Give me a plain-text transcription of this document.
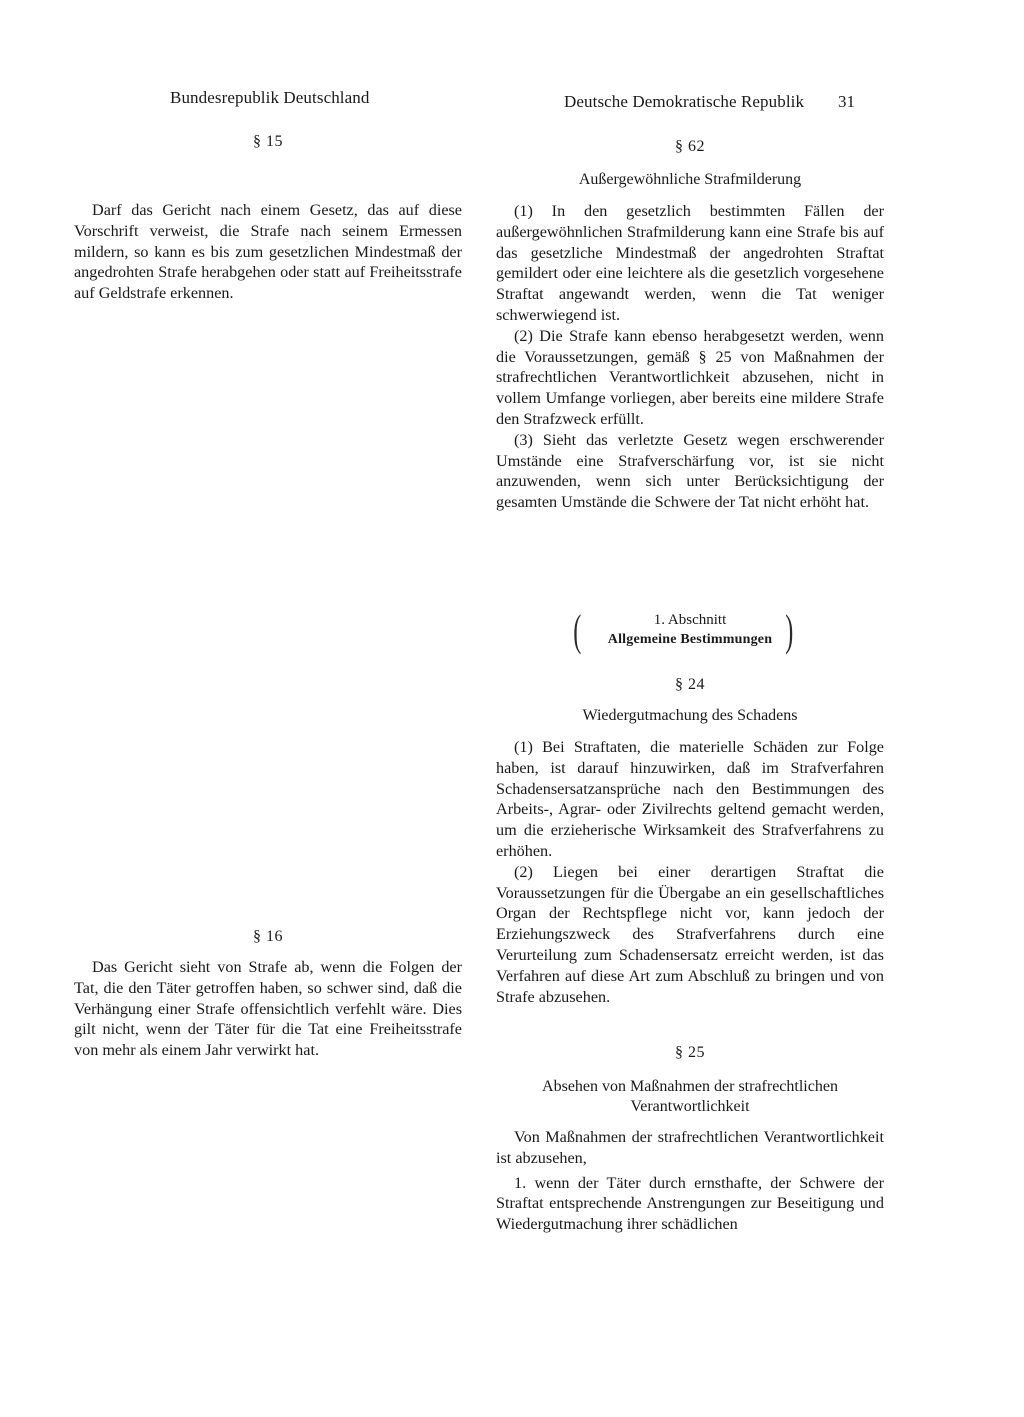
Bundesrepublik Deutschland	Deutsche Demokratische Republik 31
§ 15

Darf das Gericht nach einem Gesetz, das auf diese Vorschrift verweist, die Strafe nach seinem Ermessen mildern, so kann es bis zum gesetzlichen Mindestmaß der angedrohten Strafe herabgehen oder statt auf Freiheitsstrafe auf Geldstrafe erkennen.

§ 16

Das Gericht sieht von Strafe ab, wenn die Folgen der Tat, die den Täter getroffen haben, so schwer sind, daß die Verhängung einer Strafe offensichtlich verfehlt wäre. Dies gilt nicht, wenn der Täter für die Tat eine Freiheitsstrafe von mehr als einem Jahr verwirkt hat.

§ 62
Außergewöhnliche Strafmilderung

(1) In den gesetzlich bestimmten Fällen der außergewöhnlichen Strafmilderung kann eine Strafe bis auf das gesetzliche Mindestmaß der angedrohten Straftat gemildert oder eine leichtere als die gesetzlich vorgesehene Straftat angewandt werden, wenn die Tat weniger schwerwiegend ist.

(2) Die Strafe kann ebenso herabgesetzt werden, wenn die Voraussetzungen, gemäß § 25 von Maßnahmen der strafrechtlichen Verantwortlichkeit abzusehen, nicht in vollem Umfange vorliegen, aber bereits eine mildere Strafe den Strafzweck erfüllt.

(3) Sieht das verletzte Gesetz wegen erschwerender Umstände eine Strafverschärfung vor, ist sie nicht anzuwenden, wenn sich unter Berücksichtigung der gesamten Umstände die Schwere der Tat nicht erhöht hat.

(	)
1. Abschnitt
Allgemeine Bestimmungen
§ 24
Wiedergutmachung des Schadens

(1) Bei Straftaten, die materielle Schäden zur Folge haben, ist darauf hinzuwirken, daß im Strafverfahren Schadensersatzansprüche nach den Bestimmungen des Arbeits-, Agrar- oder Zivilrechts geltend gemacht werden, um die erzieherische Wirksamkeit des Strafverfahrens zu erhöhen.

(2) Liegen bei einer derartigen Straftat die Voraussetzungen für die Übergabe an ein gesellschaftliches Organ der Rechtspflege nicht vor, kann jedoch der Erziehungszweck des Strafverfahrens durch eine Verurteilung zum Schadensersatz erreicht werden, ist das Verfahren auf diese Art zum Abschluß zu bringen und von Strafe abzusehen.

§ 25
Absehen von Maßnahmen der strafrechtlichen
Verantwortlichkeit

Von Maßnahmen der strafrechtlichen Verantwortlichkeit ist abzusehen,

1. wenn der Täter durch ernsthafte, der Schwere der Straftat entsprechende Anstrengungen zur Beseitigung und Wiedergutmachung ihrer schädlichen
